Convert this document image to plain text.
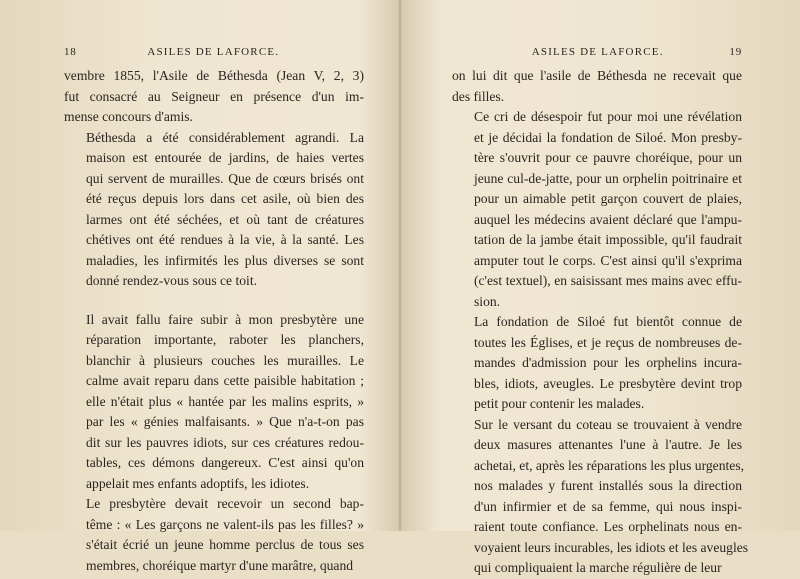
18	ASILES DE LAFORCE.

vembre 1855, l'Asile de Béthesda (Jean V, 2, 3)
fut consacré au Seigneur en présence d'un im-
mense concours d'amis.

Béthesda a été considérablement agrandi. La
maison est entourée de jardins, de haies vertes
qui servent de murailles. Que de cœurs brisés ont
été reçus depuis lors dans cet asile, où bien des
larmes ont été séchées, et où tant de créatures
chétives ont été rendues à la vie, à la santé. Les
maladies, les infirmités les plus diverses se sont
donné rendez-vous sous ce toit.

Il avait fallu faire subir à mon presbytère une
réparation importante, raboter les planchers,
blanchir à plusieurs couches les murailles. Le
calme avait reparu dans cette paisible habitation ;
elle n'était plus « hantée par les malins esprits, »
par les « génies malfaisants. » Que n'a-t-on pas
dit sur les pauvres idiots, sur ces créatures redou-
tables, ces démons dangereux. C'est ainsi qu'on
appelait mes enfants adoptifs, les idiotes.

Le presbytère devait recevoir un second bap-
tême : « Les garçons ne valent-ils pas les filles? »
s'était écrié un jeune homme perclus de tous ses
membres, choréique martyr d'une marâtre, quand

ASILES DE LAFORCE.	19

on lui dit que l'asile de Béthesda ne recevait que
des filles.

Ce cri de désespoir fut pour moi une révélation
et je décidai la fondation de Siloé. Mon presby-
tère s'ouvrit pour ce pauvre choréique, pour un
jeune cul-de-jatte, pour un orphelin poitrinaire et
pour un aimable petit garçon couvert de plaies,
auquel les médecins avaient déclaré que l'ampu-
tation de la jambe était impossible, qu'il faudrait
amputer tout le corps. C'est ainsi qu'il s'exprima
(c'est textuel), en saisissant mes mains avec effu-
sion.

La fondation de Siloé fut bientôt connue de
toutes les Églises, et je reçus de nombreuses de-
mandes d'admission pour les orphelins incura-
bles, idiots, aveugles. Le presbytère devint trop
petit pour contenir les malades.

Sur le versant du coteau se trouvaient à vendre
deux masures attenantes l'une à l'autre. Je les
achetai, et, après les réparations les plus urgentes,
nos malades y furent installés sous la direction
d'un infirmier et de sa femme, qui nous inspi-
raient toute confiance. Les orphelinats nous en-
voyaient leurs incurables, les idiots et les aveugles
qui compliquaient la marche régulière de leur
